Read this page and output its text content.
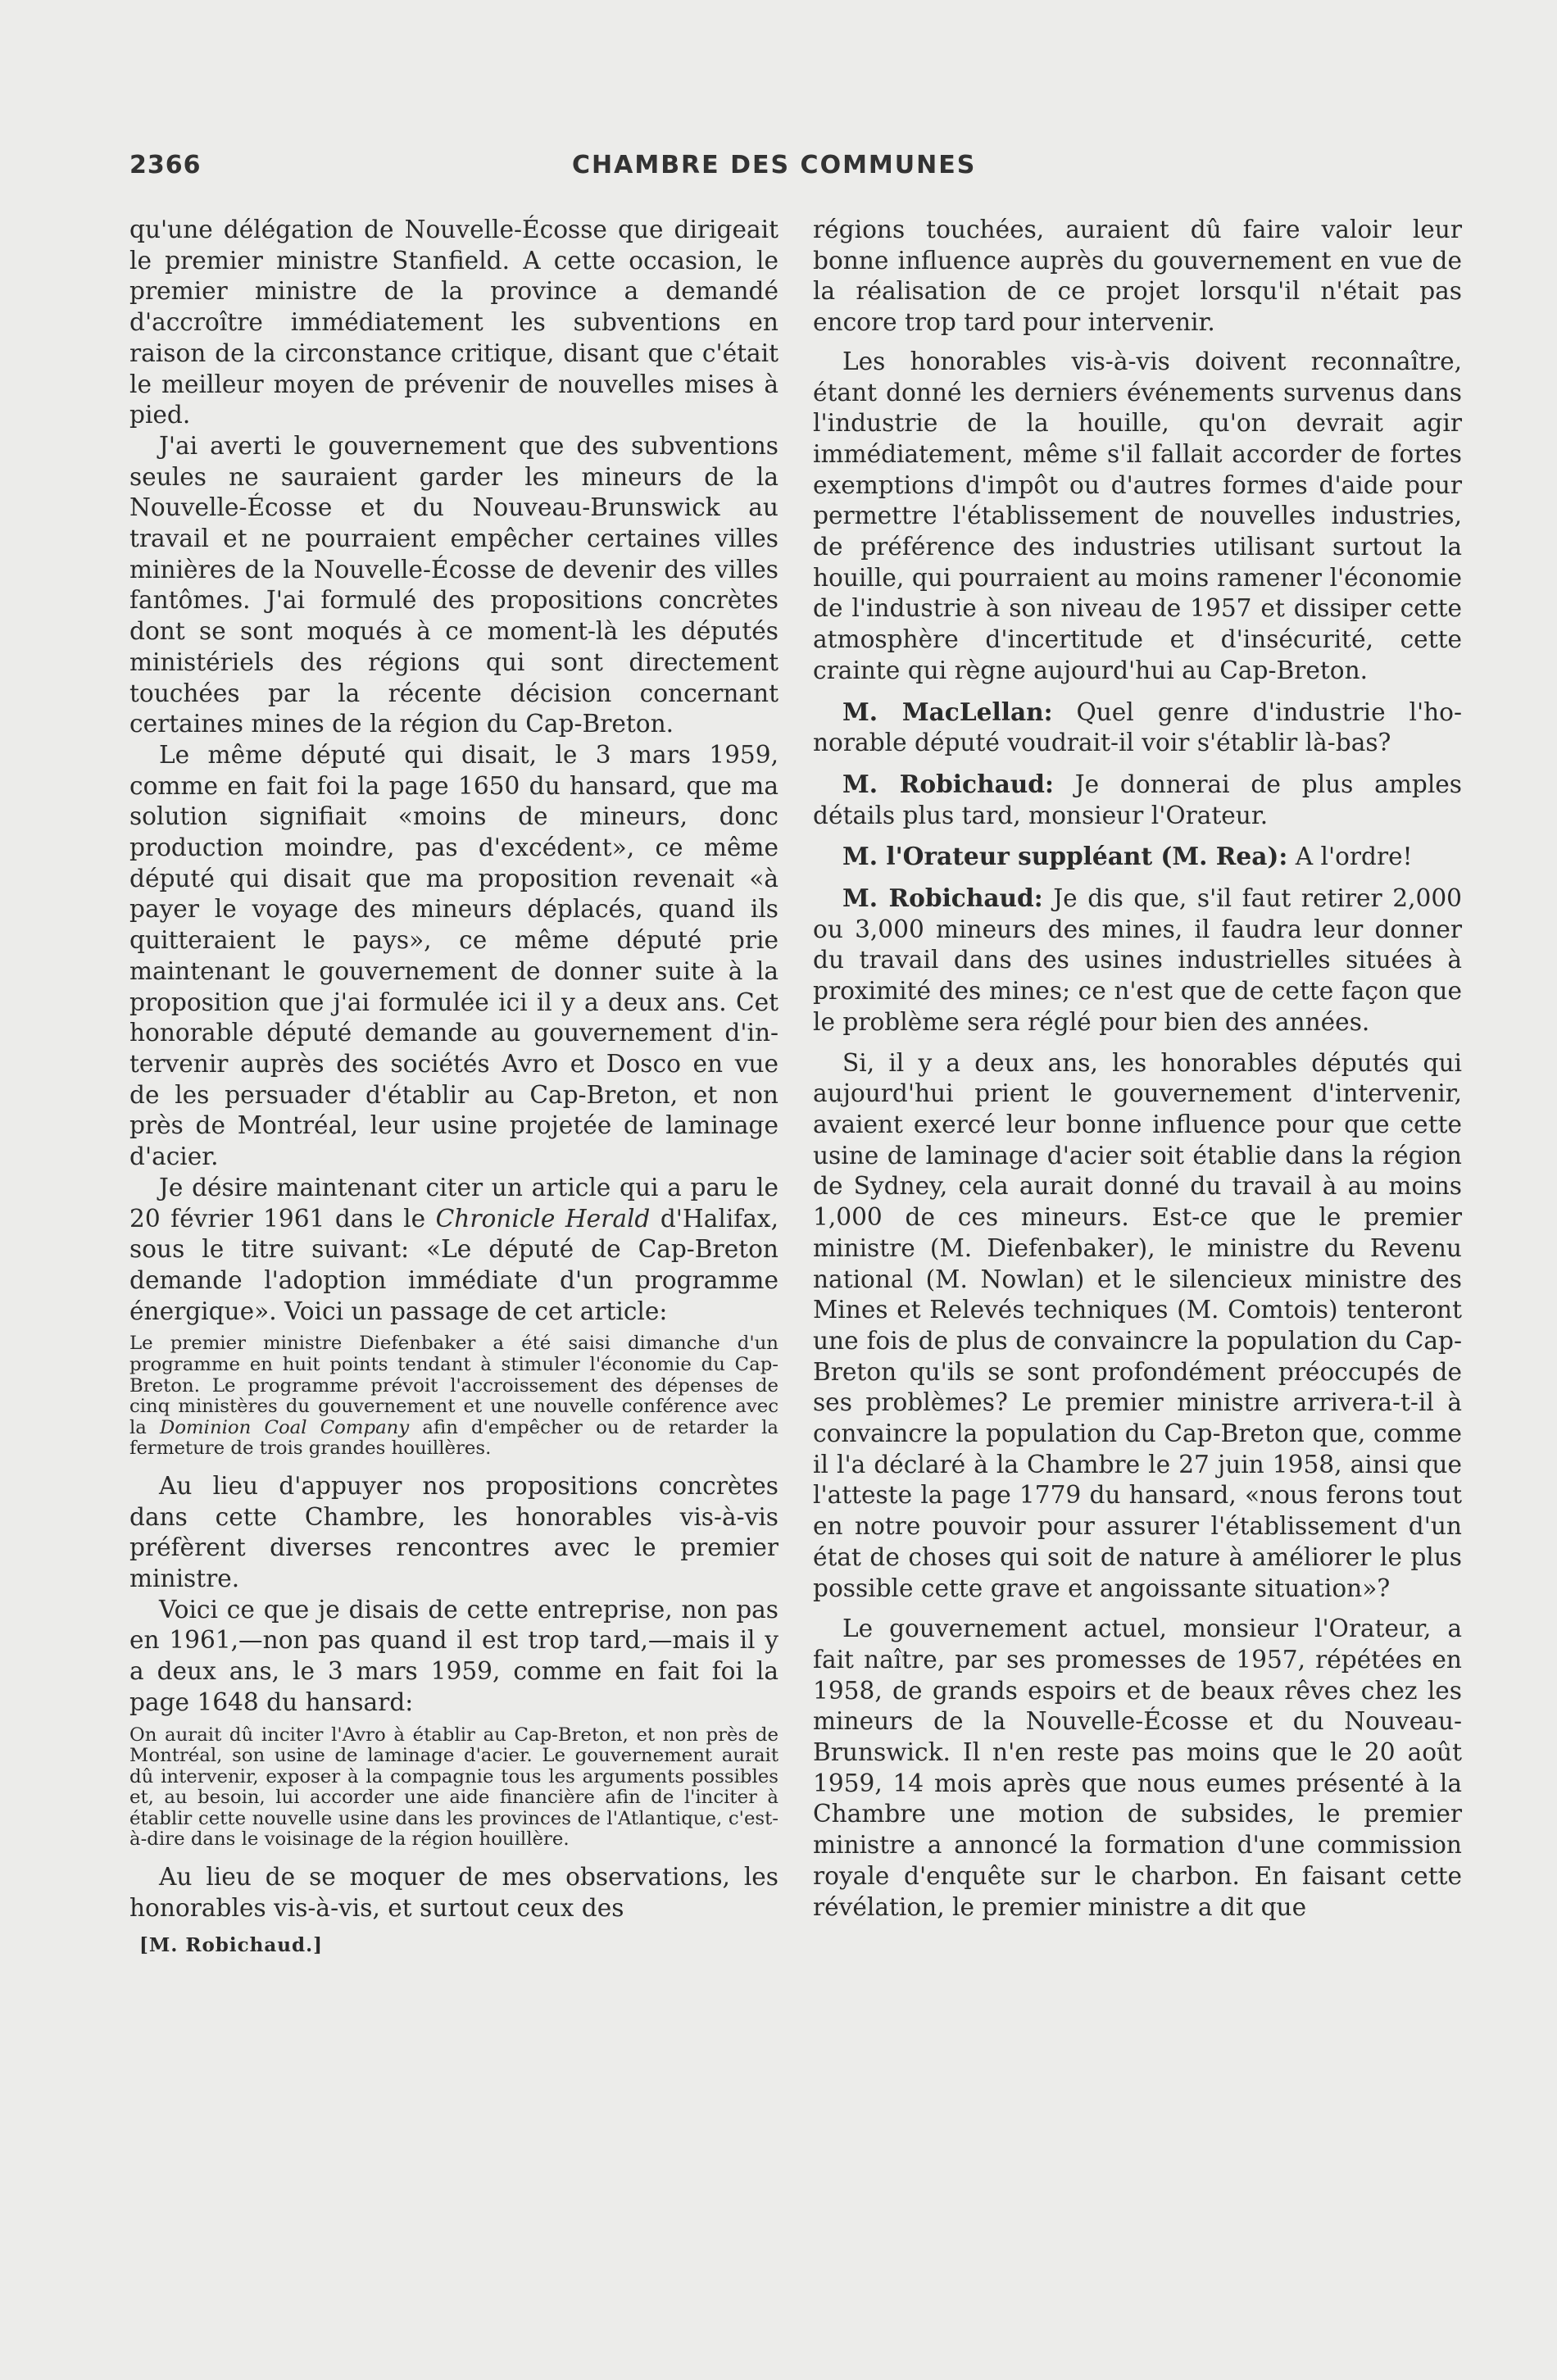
2366	CHAMBRE DES COMMUNES

qu'une délégation de Nouvelle-Écosse que dirigeait le premier ministre Stanfield. A cette occasion, le premier ministre de la province a demandé d'accroître immédiatement les subventions en raison de la circonstance critique, disant que c'était le meilleur moyen de prévenir de nouvelles mises à pied.

J'ai averti le gouvernement que des subventions seules ne sauraient garder les mineurs de la Nouvelle-Écosse et du Nouveau-Brunswick au travail et ne pourraient empêcher certaines villes minières de la Nouvelle-Écosse de devenir des villes fantômes. J'ai formulé des propositions concrètes dont se sont moqués à ce moment-là les députés ministériels des régions qui sont directement touchées par la récente décision concernant certaines mines de la région du Cap-Breton.

Le même député qui disait, le 3 mars 1959, comme en fait foi la page 1650 du hansard, que ma solution signifiait «moins de mineurs, donc production moindre, pas d'excédent», ce même député qui disait que ma proposition revenait «à payer le voyage des mineurs déplacés, quand ils quitteraient le pays», ce même député prie maintenant le gouvernement de donner suite à la proposition que j'ai formulée ici il y a deux ans. Cet honorable député demande au gouvernement d'intervenir auprès des sociétés Avro et Dosco en vue de les persuader d'établir au Cap-Breton, et non près de Montréal, leur usine projetée de laminage d'acier.

Je désire maintenant citer un article qui a paru le 20 février 1961 dans le Chronicle Herald d'Halifax, sous le titre suivant: «Le député de Cap-Breton demande l'adoption immédiate d'un programme énergique». Voici un passage de cet article:

Le premier ministre Diefenbaker a été saisi dimanche d'un programme en huit points tendant à stimuler l'économie du Cap-Breton. Le programme prévoit l'accroissement des dépenses de cinq ministères du gouvernement et une nouvelle conférence avec la Dominion Coal Company afin d'empêcher ou de retarder la fermeture de trois grandes houillères.

Au lieu d'appuyer nos propositions concrètes dans cette Chambre, les honorables vis-à-vis préfèrent diverses rencontres avec le premier ministre.

Voici ce que je disais de cette entreprise, non pas en 1961,—non pas quand il est trop tard,—mais il y a deux ans, le 3 mars 1959, comme en fait foi la page 1648 du hansard:

On aurait dû inciter l'Avro à établir au Cap-Breton, et non près de Montréal, son usine de laminage d'acier. Le gouvernement aurait dû intervenir, exposer à la compagnie tous les arguments possibles et, au besoin, lui accorder une aide financière afin de l'inciter à établir cette nouvelle usine dans les provinces de l'Atlantique, c'est-à-dire dans le voisinage de la région houillère.

Au lieu de se moquer de mes observations, les honorables vis-à-vis, et surtout ceux des

[M. Robichaud.]

régions touchées, auraient dû faire valoir leur bonne influence auprès du gouvernement en vue de la réalisation de ce projet lorsqu'il n'était pas encore trop tard pour intervenir.

Les honorables vis-à-vis doivent reconnaître, étant donné les derniers événements survenus dans l'industrie de la houille, qu'on devrait agir immédiatement, même s'il fallait accorder de fortes exemptions d'impôt ou d'autres formes d'aide pour permettre l'établissement de nouvelles industries, de préférence des industries utilisant surtout la houille, qui pourraient au moins ramener l'économie de l'industrie à son niveau de 1957 et dissiper cette atmosphère d'incertitude et d'insécurité, cette crainte qui règne aujourd'hui au Cap-Breton.

M. MacLellan: Quel genre d'industrie l'honorable député voudrait-il voir s'établir là-bas?

M. Robichaud: Je donnerai de plus amples détails plus tard, monsieur l'Orateur.

M. l'Orateur suppléant (M. Rea): A l'ordre!

M. Robichaud: Je dis que, s'il faut retirer 2,000 ou 3,000 mineurs des mines, il faudra leur donner du travail dans des usines industrielles situées à proximité des mines; ce n'est que de cette façon que le problème sera réglé pour bien des années.

Si, il y a deux ans, les honorables députés qui aujourd'hui prient le gouvernement d'intervenir, avaient exercé leur bonne influence pour que cette usine de laminage d'acier soit établie dans la région de Sydney, cela aurait donné du travail à au moins 1,000 de ces mineurs. Est-ce que le premier ministre (M. Diefenbaker), le ministre du Revenu national (M. Nowlan) et le silencieux ministre des Mines et Relevés techniques (M. Comtois) tenteront une fois de plus de convaincre la population du Cap-Breton qu'ils se sont profondément préoccupés de ses problèmes? Le premier ministre arrivera-t-il à convaincre la population du Cap-Breton que, comme il l'a déclaré à la Chambre le 27 juin 1958, ainsi que l'atteste la page 1779 du hansard, «nous ferons tout en notre pouvoir pour assurer l'établissement d'un état de choses qui soit de nature à améliorer le plus possible cette grave et angoissante situation»?

Le gouvernement actuel, monsieur l'Orateur, a fait naître, par ses promesses de 1957, répétées en 1958, de grands espoirs et de beaux rêves chez les mineurs de la Nouvelle-Écosse et du Nouveau-Brunswick. Il n'en reste pas moins que le 20 août 1959, 14 mois après que nous eumes présenté à la Chambre une motion de subsides, le premier ministre a annoncé la formation d'une commission royale d'enquête sur le charbon. En faisant cette révélation, le premier ministre a dit que
